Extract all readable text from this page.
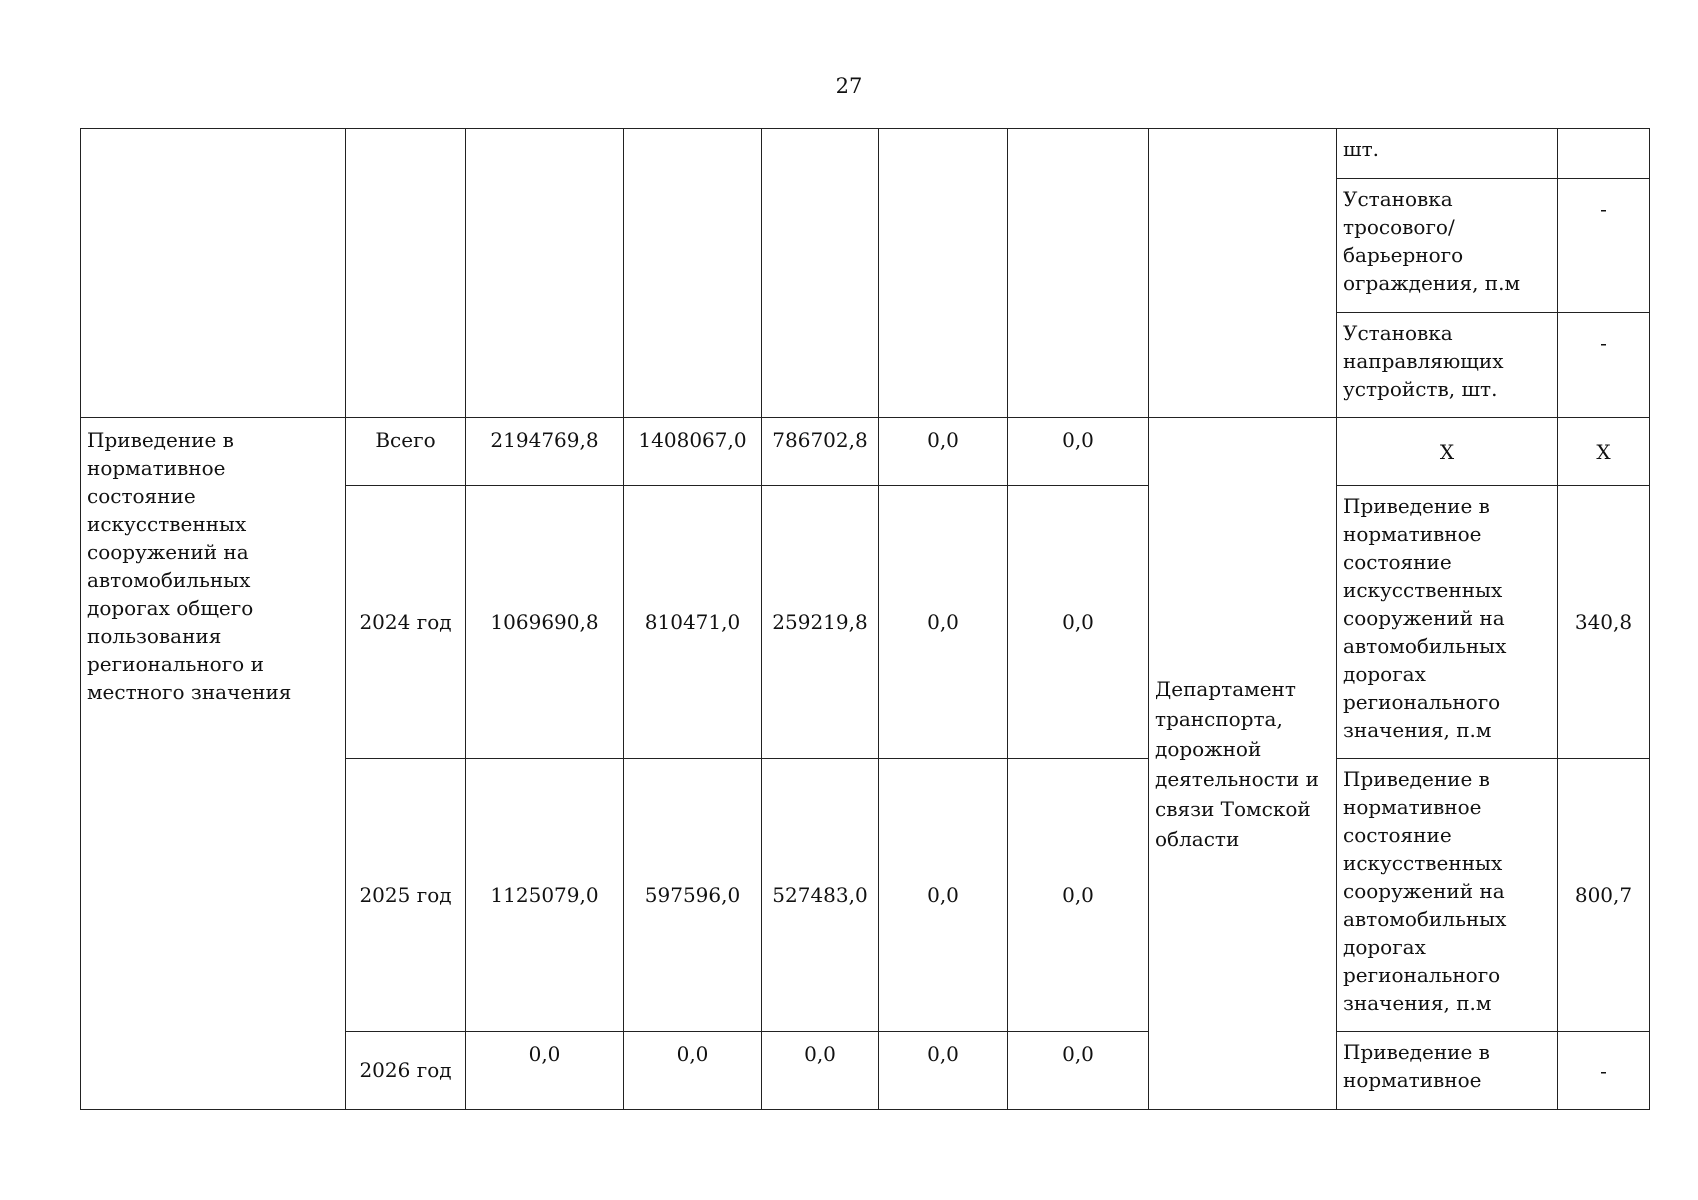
27
								шт.	
								Установка тросового/ барьерного ограждения, п.м	-
								Установка направляющих устройств, шт.	-
Приведение в нормативное состояние искусственных сооружений на автомобильных дорогах общего пользования регионального и местного значения	Всего	2194769,8	1408067,0	786702,8	0,0	0,0	Департамент транспорта, дорожной деятельности и связи Томской области	Х	Х
	2024 год	1069690,8	810471,0	259219,8	0,0	0,0		Приведение в нормативное состояние искусственных сооружений на автомобильных дорогах регионального значения, п.м	340,8
	2025 год	1125079,0	597596,0	527483,0	0,0	0,0		Приведение в нормативное состояние искусственных сооружений на автомобильных дорогах регионального значения, п.м	800,7
	2026 год	0,0	0,0	0,0	0,0	0,0		Приведение в нормативное	-
